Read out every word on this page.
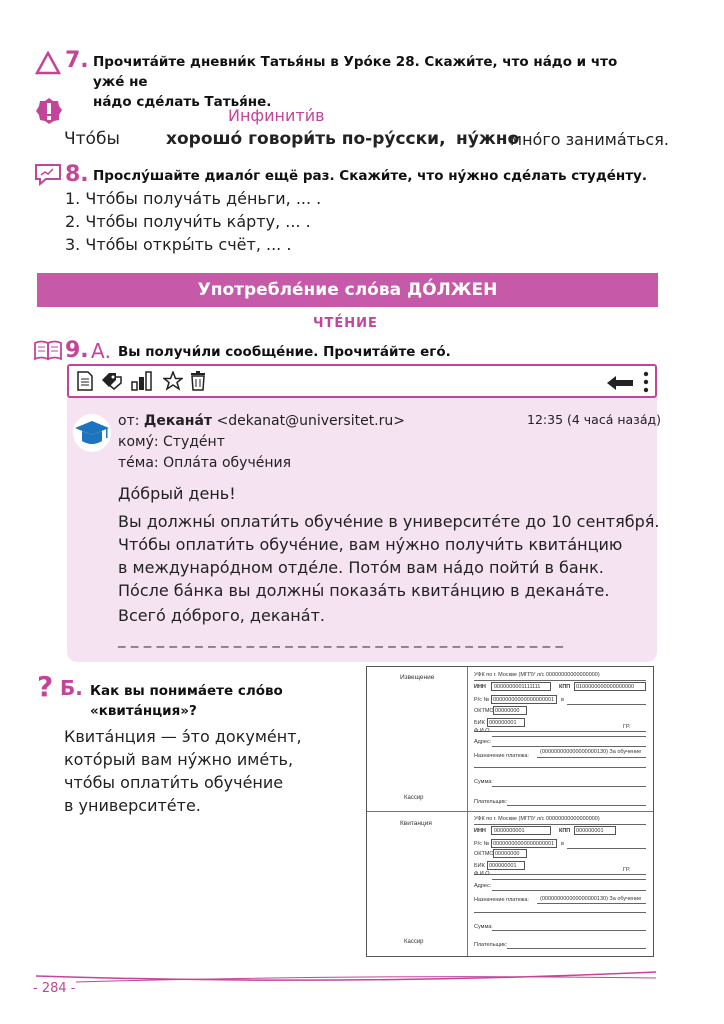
7. Прочита́йте дневни́к Татья́ны в Уро́ке 28. Скажи́те, что на́до и что уже́ не
на́до сде́лать Татья́не.
Инфинити́в
Что́бы	хорошо́ говори́ть по-ру́сски, ну́жно
мно́го занима́ться.
8. Прослу́шайте диало́г ещё раз. Скажи́те, что ну́жно сде́лать студе́нту.
1. Что́бы получа́ть де́ньги, ... .
2. Что́бы получи́ть ка́рту, ... .
3. Что́бы откры́ть счёт, ... .
Употребле́ние сло́ва ДО́ЛЖЕН
ЧТЕ́НИЕ
9. А. Вы получи́ли сообще́ние. Прочита́йте его́.
от: Декана́т <dekanat@universitet.ru>	12:35 (4 часа́ наза́д)
кому́: Студе́нт
те́ма: Опла́та обуче́ния
До́брый день!
Вы должны́ оплати́ть обуче́ние в университе́те до 10 сентября́.
Что́бы оплати́ть обуче́ние, вам ну́жно получи́ть квита́нцию
в междунаро́дном отде́ле. Пото́м вам на́до пойти́ в банк.
По́сле ба́нка вы должны́ показа́ть квита́нцию в декана́те.
Всего́ до́брого, декана́т.
_ _ _ _ _ _ _ _ _ _ _ _ _ _ _ _ _ _ _ _ _ _ _ _ _ _ _ _ _ _ _ _ _ _ _
? Б. Как вы понима́ете сло́во
«квита́нция»?
Квита́нция — э́то докуме́нт,
кото́рый вам ну́жно име́ть,
что́бы оплати́ть обуче́ние
в университе́те.
Извещение
Кассир
УФК по г. Москве (МГПУ л/с 00000000000000000)
ИНН 0000000001111111	КПП 0100000000000000000
Р/с № 00000000000000000001 в
ОКТМО 00000000
БИК 000000001
Ф.И.О.
ГР.
Адрес:
Назначение платежа:
(000000000000000000130) За обучение
Сумма:
Плательщик:
Квитанция
Кассир
УФК по г. Москве (МГПУ л/с 00000000000000000)
ИНН 0000000001	КПП 000000001
Р/с № 00000000000000000001 в
ОКТМО 00000000
БИК 000000001
Ф.И.О.
ГР.
Адрес:
Назначение платежа: (000000000000000000130) За обучение
Сумма:
Плательщик:
- 284 -
